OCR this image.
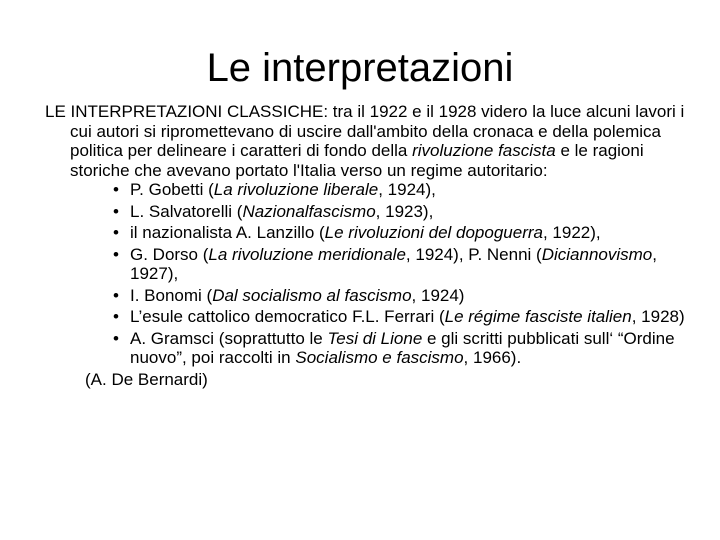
Le interpretazioni

LE INTERPRETAZIONI CLASSICHE: tra il 1922 e il 1928 videro la luce alcuni lavori i cui autori si ripromettevano di uscire dall'ambito della cronaca e della polemica politica per delineare i caratteri di fondo della rivoluzione fascista e le ragioni storiche che avevano portato l'Italia verso un regime autoritario:

• P. Gobetti (La rivoluzione liberale, 1924),
• L. Salvatorelli (Nazionalfascismo, 1923),
• il nazionalista A. Lanzillo (Le rivoluzioni del dopoguerra, 1922),
• G. Dorso (La rivoluzione meridionale, 1924), P. Nenni (Diciannovismo, 1927),
• I. Bonomi (Dal socialismo al fascismo, 1924)
• L’esule cattolico democratico F.L. Ferrari (Le régime fasciste italien, 1928)
• A. Gramsci (soprattutto le Tesi di Lione e gli scritti pubblicati sull‘ “Ordine nuovo”, poi raccolti in Socialismo e fascismo, 1966).

(A. De Bernardi)
